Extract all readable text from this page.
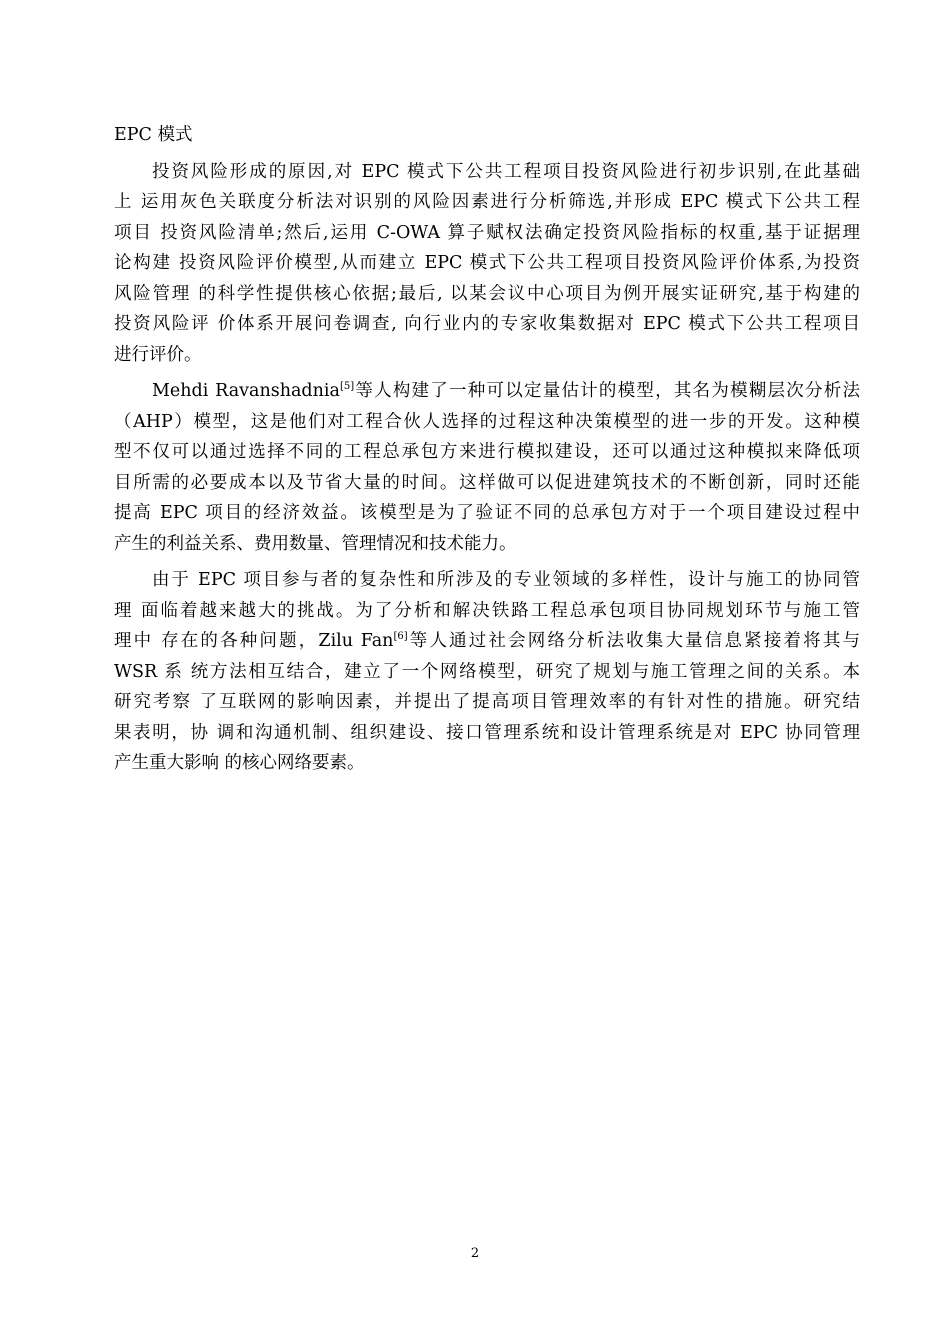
EPC 模式
投资风险形成的原因,对 EPC 模式下公共工程项目投资风险进行初步识别,在此基础
上 运用灰色关联度分析法对识别的风险因素进行分析筛选,并形成 EPC 模式下公共工程
项目 投资风险清单;然后,运用 C-OWA 算子赋权法确定投资风险指标的权重,基于证据理
论构建 投资风险评价模型,从而建立 EPC 模式下公共工程项目投资风险评价体系,为投资
风险管理 的科学性提供核心依据;最后, 以某会议中心项目为例开展实证研究,基于构建的
投资风险评 价体系开展问卷调查, 向行业内的专家收集数据对 EPC 模式下公共工程项目
进行评价。
Mehdi Ravanshadnia[5]等人构建了一种可以定量估计的模型，其名为模糊层次分析法
（AHP）模型，这是他们对工程合伙人选择的过程这种决策模型的进一步的开发。这种模
型不仅可以通过选择不同的工程总承包方来进行模拟建设，还可以通过这种模拟来降低项
目所需的必要成本以及节省大量的时间。这样做可以促进建筑技术的不断创新，同时还能
提高 EPC 项目的经济效益。该模型是为了验证不同的总承包方对于一个项目建设过程中
产生的利益关系、费用数量、管理情况和技术能力。
由于 EPC 项目参与者的复杂性和所涉及的专业领域的多样性，设计与施工的协同管
理 面临着越来越大的挑战。为了分析和解决铁路工程总承包项目协同规划环节与施工管
理中 存在的各种问题，Zilu Fan[6]等人通过社会网络分析法收集大量信息紧接着将其与
WSR 系 统方法相互结合，建立了一个网络模型，研究了规划与施工管理之间的关系。本
研究考察 了互联网的影响因素，并提出了提高项目管理效率的有针对性的措施。研究结
果表明，协 调和沟通机制、组织建设、接口管理系统和设计管理系统是对 EPC 协同管理
产生重大影响 的核心网络要素。
2
